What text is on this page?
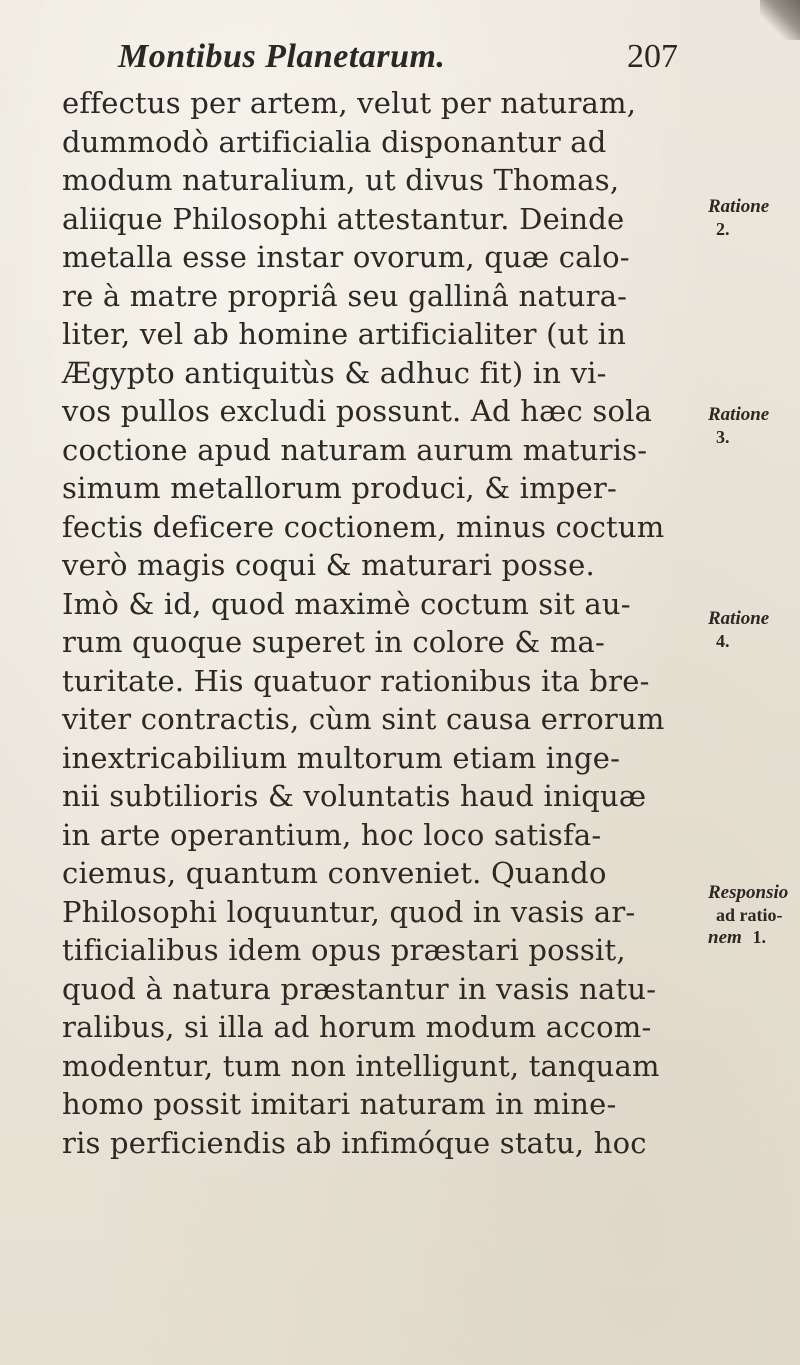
Montibus Planetarum.	207
effectus per artem, velut per naturam,
dummodò artificialia disponantur ad
modum naturalium, ut divus Thomas,
aliique Philosophi attestantur. Deinde
metalla esse instar ovorum, quæ calo-
re à matre propriâ seu gallinâ natura-
liter, vel ab homine artificialiter (ut in
Ægypto antiquitùs & adhuc fit) in vi-
vos pullos excludi possunt. Ad hæc sola
coctione apud naturam aurum maturis-
simum metallorum produci, & imper-
fectis deficere coctionem, minus coctum
verò magis coqui & maturari posse.
Imò & id, quod maximè coctum sit au-
rum quoque superet in colore & ma-
turitate. His quatuor rationibus ita bre-
viter contractis, cùm sint causa errorum
inextricabilium multorum etiam inge-
nii subtilioris & voluntatis haud iniquæ
in arte operantium, hoc loco satisfa-
ciemus, quantum conveniet. Quando
Philosophi loquuntur, quod in vasis ar-
tificialibus idem opus præstari possit,
quod à natura præstantur in vasis natu-
ralibus, si illa ad horum modum accom-
modentur, tum non intelligunt, tanquam
homo possit imitari naturam in mine-
ris perficiendis ab infimóque statu, hoc
Ratione
2.
Ratione
3.
Ratione
4.
Responsio
ad ratio-
nem 1.
